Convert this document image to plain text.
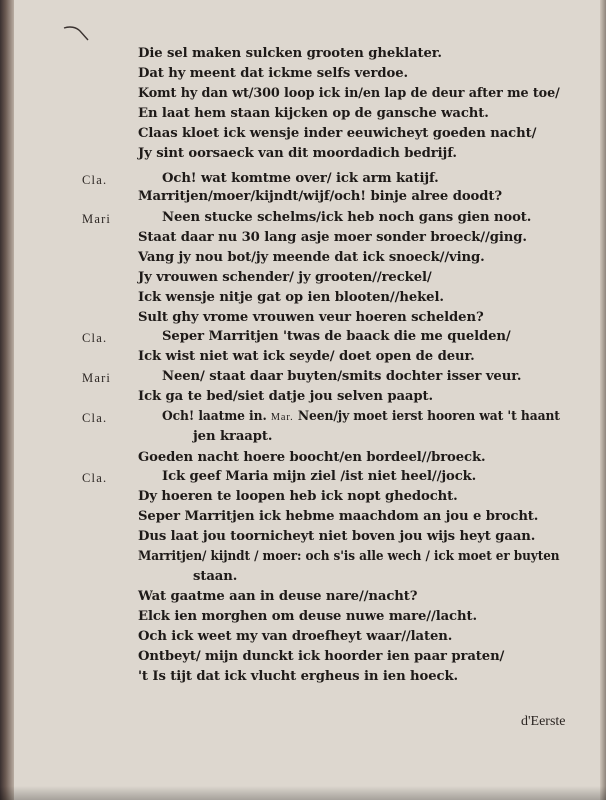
Cla.
Mari
Cla.
Mari
Cla.
Cla.
Die sel maken sulcken grooten gheklater.
Dat hy meent dat ickme selfs verdoe.
Komt hy dan wt/300 loop ick in/en lap de deur after me toe/
En laat hem staan kijcken op de gansche wacht.
Claas kloet ick wensje inder eeuwicheyt goeden nacht/
Jy sint oorsaeck van dit moordadich bedrijf.
Och! wat komtme over/ ick arm katijf.
Marritjen/moer/kijndt/wijf/och! binje alree doodt?
Neen stucke schelms/ick heb noch gans gien noot.
Staat daar nu 30 lang asje moer sonder broeck//ging.
Vang jy nou bot/jy meende dat ick snoeck//ving.
Jy vrouwen schender/ jy grooten//reckel/
Ick wensje nitje gat op ien blooten//hekel.
Sult ghy vrome vrouwen veur hoeren schelden?
Seper Marritjen 'twas de baack die me quelden/
Ick wist niet wat ick seyde/ doet open de deur.
Neen/ staat daar buyten/smits dochter isser veur.
Ick ga te bed/siet datje jou selven paapt.
Och! laatme in. Mar. Neen/jy moet ierst hooren wat 't haant
jen kraapt.
Goeden nacht hoere boocht/en bordeel//broeck.
Ick geef Maria mijn ziel /ist niet heel//jock.
Dy hoeren te loopen heb ick nopt ghedocht.
Seper Marritjen ick hebme maachdom an jou e brocht.
Dus laat jou toornicheyt niet boven jou wijs heyt gaan.
Marritjen/ kijndt / moer: och s'is alle wech / ick moet er buyten
staan.
Wat gaatme aan in deuse nare//nacht?
Elck ien morghen om deuse nuwe mare//lacht.
Och ick weet my van droefheyt waar//laten.
Ontbeyt/ mijn dunckt ick hoorder ien paar praten/
't Is tijt dat ick vlucht ergheus in ien hoeck.
d'Eerste
